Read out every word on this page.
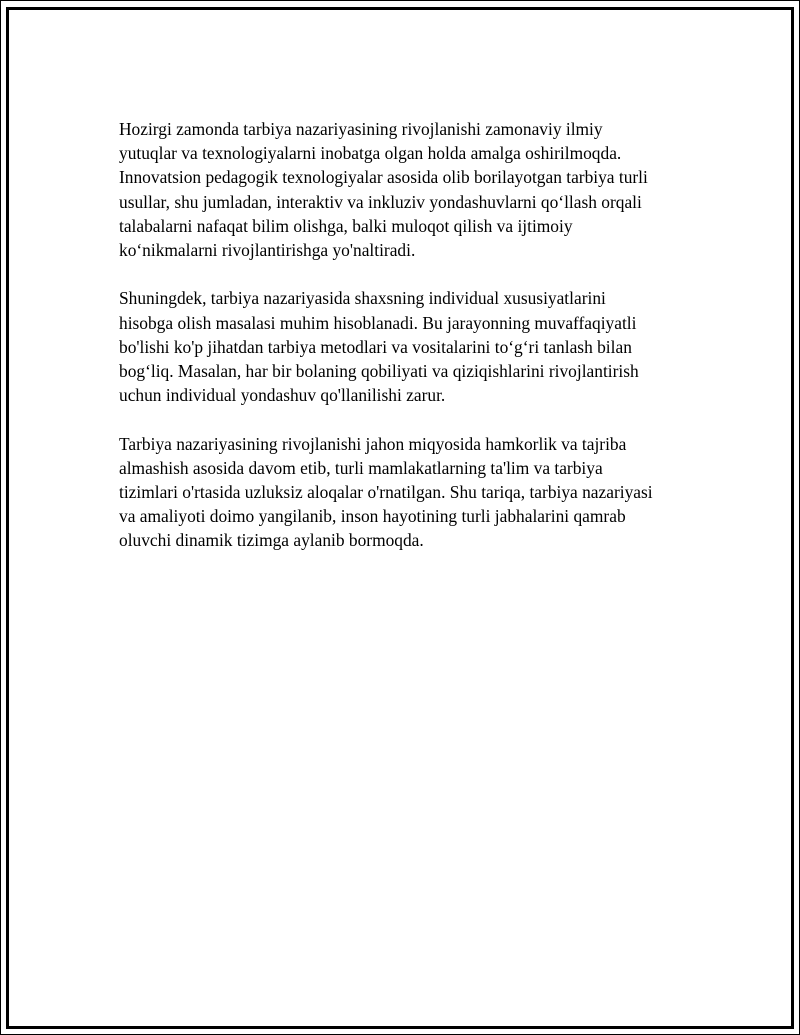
Hozirgi zamonda tarbiya nazariyasining rivojlanishi zamonaviy ilmiy
yutuqlar va texnologiyalarni inobatga olgan holda amalga oshirilmoqda.
Innovatsion pedagogik texnologiyalar asosida olib borilayotgan tarbiya turli
usullar, shu jumladan, interaktiv va inkluziv yondashuvlarni qo‘llash orqali
talabalarni nafaqat bilim olishga, balki muloqot qilish va ijtimoiy
ko‘nikmalarni rivojlantirishga yo'naltiradi.

Shuningdek, tarbiya nazariyasida shaxsning individual xususiyatlarini
hisobga olish masalasi muhim hisoblanadi. Bu jarayonning muvaffaqiyatli
bo'lishi ko'p jihatdan tarbiya metodlari va vositalarini to‘g‘ri tanlash bilan
bog‘liq. Masalan, har bir bolaning qobiliyati va qiziqishlarini rivojlantirish
uchun individual yondashuv qo'llanilishi zarur.

Tarbiya nazariyasining rivojlanishi jahon miqyosida hamkorlik va tajriba
almashish asosida davom etib, turli mamlakatlarning ta'lim va tarbiya
tizimlari o'rtasida uzluksiz aloqalar o'rnatilgan. Shu tariqa, tarbiya nazariyasi
va amaliyoti doimo yangilanib, inson hayotining turli jabhalarini qamrab
oluvchi dinamik tizimga aylanib bormoqda.
